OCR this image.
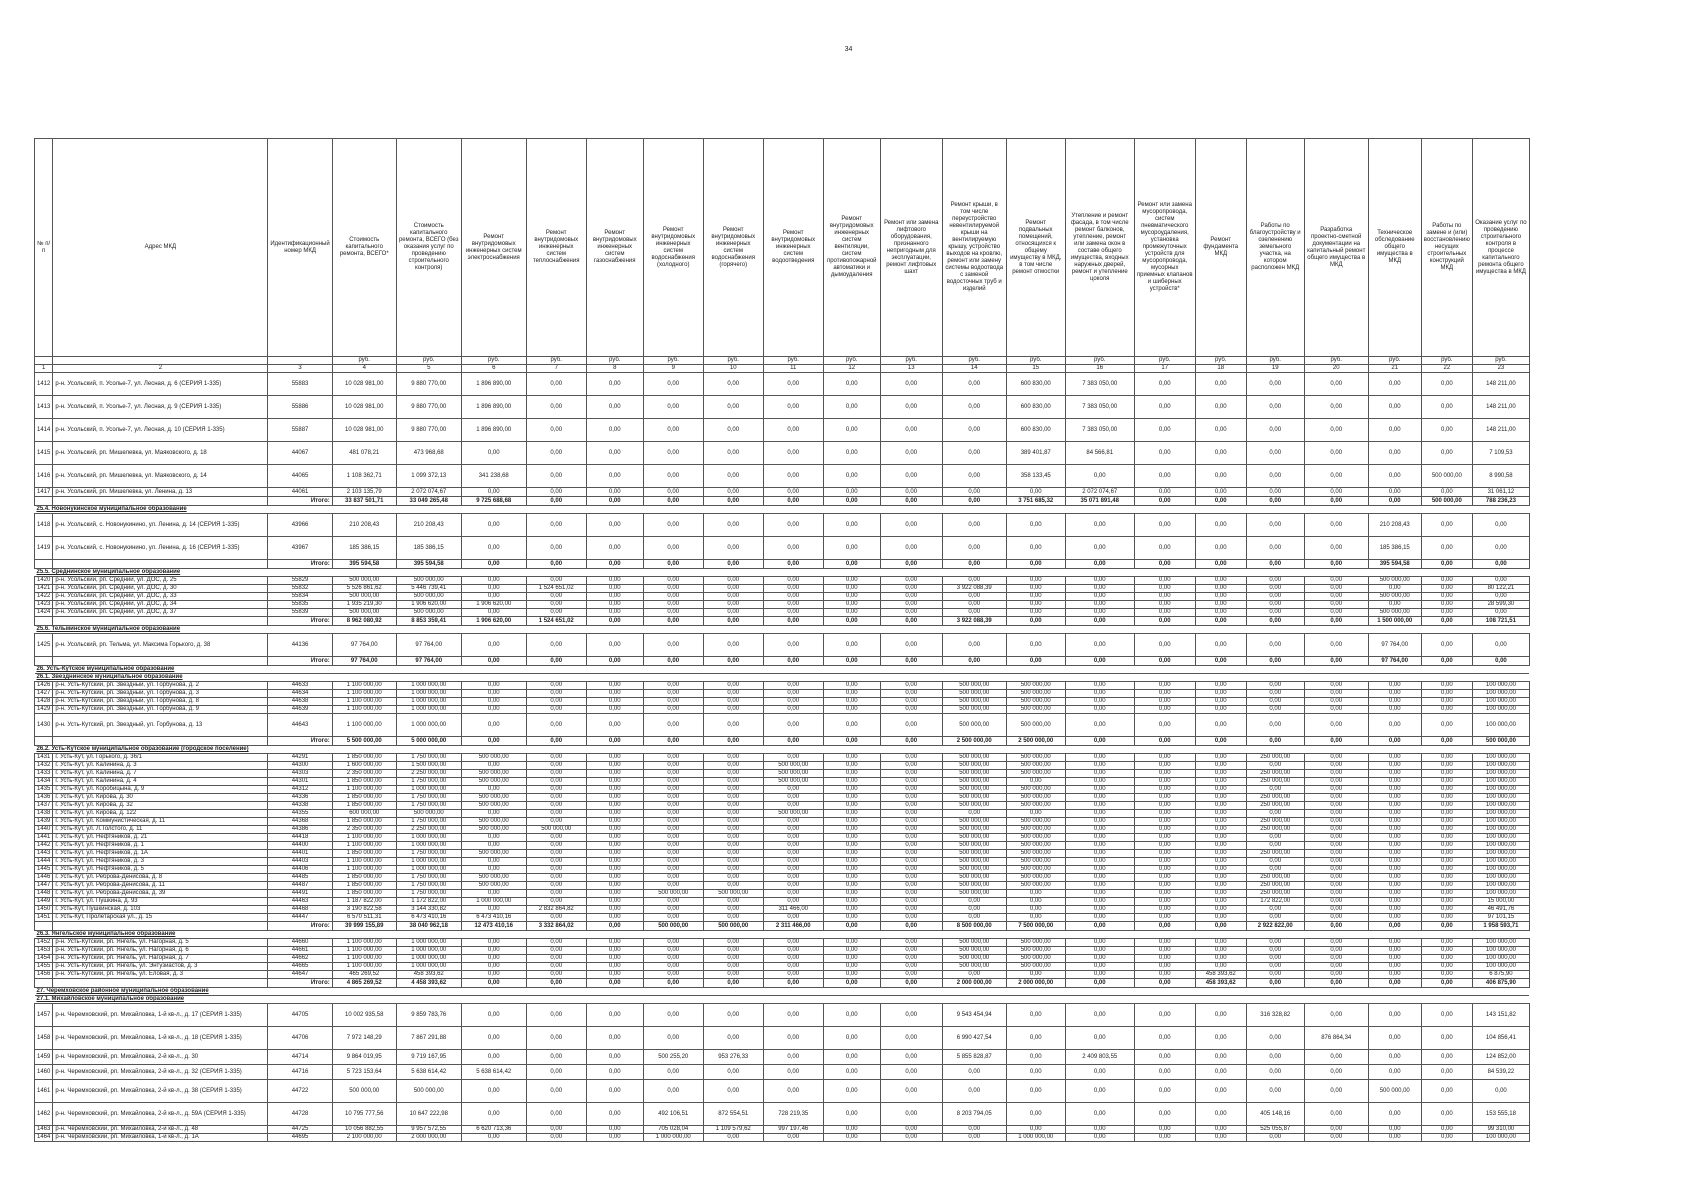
34
№ п/п	Адрес МКД	Идентификационный номер МКД	Стоимость капитального ремонта, ВСЕГО*	Стоимость капитального ремонта, ВСЕГО (без оказания услуг по проведению строительного контроля)	Ремонт внутридомовых инженерных систем электроснабжения	Ремонт внутридомовых инженерных систем теплоснабжения	Ремонт внутридомовых инженерных систем газоснабжения	Ремонт внутридомовых инженерных систем водоснабжения (холодного)	Ремонт внутридомовых инженерных систем водоснабжения (горячего)	Ремонт внутридомовых инженерных систем водоотведения	Ремонт внутридомовых инженерных систем вентиляции, систем противопожарной автоматики и дымоудаления	Ремонт или замена лифтового оборудования, признанного непригодным для эксплуатации, ремонт лифтовых шахт	Ремонт крыши, в том числе переустройство невентилируемой крыши на вентилируемую крышу, устройство выходов на кровлю, ремонт или замену системы водоотвода с заменой водосточных труб и изделий	Ремонт подвальных помещений, относящихся к общему имуществу в МКД, в том числе ремонт отмостки	Утепление и ремонт фасада, в том числе ремонт балконов, утепление, ремонт или замена окон в составе общего имущества, входных наружных дверей, ремонт и утепление цоколя	Ремонт или замена мусоропровода, систем пневматического мусороудаления, установка промежуточных устройств для мусоропровода, мусорных приемных клапанов и шиберных устройств*	Ремонт фундамента МКД	Работы по благоустройству и озеленению земельного участка, на котором расположен МКД	Разработка проектно-сметной документации на капитальный ремонт общего имущества в МКД	Техническое обследование общего имущества в МКД	Работы по замене и (или) восстановлению несущих строительных конструкций МКД	Оказание услуг по проведению строительного контроля в процессе капитального ремонта общего имущества в МКД
			руб.	руб.	руб.	руб.	руб.	руб.	руб.	руб.	руб.	руб.	руб.	руб.	руб.	руб.	руб.	руб.	руб.	руб.	руб.	руб.
1	2	3	4	5	6	7	8	9	10	11	12	13	14	15	16	17	18	19	20	21	22	23
1412	р-н. Усольский, п. Усолье-7, ул. Лесная, д. 6 (СЕРИЯ 1-335)	55883	10 028 981,00	9 880 770,00	1 896 890,00	0,00	0,00	0,00	0,00	0,00	0,00	0,00	0,00	600 830,00	7 383 050,00	0,00	0,00	0,00	0,00	0,00	0,00	148 211,00
1413	р-н. Усольский, п. Усолье-7, ул. Лесная, д. 9 (СЕРИЯ 1-335)	55886	10 028 981,00	9 880 770,00	1 896 890,00	0,00	0,00	0,00	0,00	0,00	0,00	0,00	0,00	600 830,00	7 383 050,00	0,00	0,00	0,00	0,00	0,00	0,00	148 211,00
1414	р-н. Усольский, п. Усолье-7, ул. Лесная, д. 10 (СЕРИЯ 1-335)	55887	10 028 981,00	9 880 770,00	1 896 890,00	0,00	0,00	0,00	0,00	0,00	0,00	0,00	0,00	600 830,00	7 383 050,00	0,00	0,00	0,00	0,00	0,00	0,00	148 211,00
1415	р-н. Усольский, рп. Мишелевка, ул. Маяковского, д. 18	44067	481 078,21	473 968,68	0,00	0,00	0,00	0,00	0,00	0,00	0,00	0,00	0,00	389 401,87	84 566,81	0,00	0,00	0,00	0,00	0,00	0,00	7 109,53
1416	р-н. Усольский, рп. Мишелевка, ул. Маяковского, д. 14	44065	1 108 362,71	1 099 372,13	341 238,68	0,00	0,00	0,00	0,00	0,00	0,00	0,00	0,00	358 133,45	0,00	0,00	0,00	0,00	0,00	0,00	500 000,00	8 990,58
1417	р-н. Усольский, рп. Мишелевка, ул. Ленина, д. 13	44061	2 103 135,79	2 072 074,67	0,00	0,00	0,00	0,00	0,00	0,00	0,00	0,00	0,00	0,00	2 072 074,67	0,00	0,00	0,00	0,00	0,00	0,00	31 061,12
		Итого:	33 837 501,71	33 049 265,48	9 725 688,68	0,00	0,00	0,00	0,00	0,00	0,00	0,00	0,00	3 751 685,32	35 071 891,48	0,00	0,00	0,00	0,00	0,00	500 000,00	788 236,23
25.4. Новонукинское муниципальное образование																						
1418	р-н. Усольский, с. Новонукинино, ул. Ленина, д. 14 (СЕРИЯ 1-335)	43966	210 208,43	210 208,43	0,00	0,00	0,00	0,00	0,00	0,00	0,00	0,00	0,00	0,00	0,00	0,00	0,00	0,00	0,00	210 208,43	0,00	0,00
1419	р-н. Усольский, с. Новонукинино, ул. Ленина, д. 16 (СЕРИЯ 1-335)	43967	185 386,15	185 386,15	0,00	0,00	0,00	0,00	0,00	0,00	0,00	0,00	0,00	0,00	0,00	0,00	0,00	0,00	0,00	185 386,15	0,00	0,00
		Итого:	395 594,58	395 594,58	0,00	0,00	0,00	0,00	0,00	0,00	0,00	0,00	0,00	0,00	0,00	0,00	0,00	0,00	0,00	395 594,58	0,00	0,00
25.5. Среднинское муниципальное образование																						
1420	р-н. Усольский, рп. Средний, ул. ДОС, д. 25	55829	500 000,00	500 000,00	0,00	0,00	0,00	0,00	0,00	0,00	0,00	0,00	0,00	0,00	0,00	0,00	0,00	0,00	0,00	500 000,00	0,00	0,00
1421	р-н. Усольский, рп. Средний, ул. ДОС, д. 30	55832	5 526 861,62	5 446 739,41	0,00	1 524 651,02	0,00	0,00	0,00	0,00	0,00	0,00	3 922 088,39	0,00	0,00	0,00	0,00	0,00	0,00	0,00	0,00	80 122,21
1422	р-н. Усольский, рп. Средний, ул. ДОС, д. 33	55834	500 000,00	500 000,00	0,00	0,00	0,00	0,00	0,00	0,00	0,00	0,00	0,00	0,00	0,00	0,00	0,00	0,00	0,00	500 000,00	0,00	0,00
1423	р-н. Усольский, рп. Средний, ул. ДОС, д. 34	55835	1 935 219,30	1 906 620,00	1 906 620,00	0,00	0,00	0,00	0,00	0,00	0,00	0,00	0,00	0,00	0,00	0,00	0,00	0,00	0,00	0,00	0,00	28 599,30
1424	р-н. Усольский, рп. Средний, ул. ДОС, д. 37	55839	500 000,00	500 000,00	0,00	0,00	0,00	0,00	0,00	0,00	0,00	0,00	0,00	0,00	0,00	0,00	0,00	0,00	0,00	500 000,00	0,00	0,00
		Итого:	8 962 080,92	8 853 359,41	1 906 620,00	1 524 651,02	0,00	0,00	0,00	0,00	0,00	0,00	3 922 088,39	0,00	0,00	0,00	0,00	0,00	0,00	1 500 000,00	0,00	108 721,51
25.6. Тельминское муниципальное образование																						
1425	р-н. Усольский, рп. Тельма, ул. Максима Горького, д. 38	44136	97 764,00	97 764,00	0,00	0,00	0,00	0,00	0,00	0,00	0,00	0,00	0,00	0,00	0,00	0,00	0,00	0,00	0,00	97 764,00	0,00	0,00
		Итого:	97 764,00	97 764,00	0,00	0,00	0,00	0,00	0,00	0,00	0,00	0,00	0,00	0,00	0,00	0,00	0,00	0,00	0,00	97 764,00	0,00	0,00
26. Усть-Кутское муниципальное образование																						
26.1. Звезднинское муниципальное образование																						
1426	р-н. Усть-Кутский, рп. Звездный, ул. Горбунова, д. 2	44633	1 100 000,00	1 000 000,00	0,00	0,00	0,00	0,00	0,00	0,00	0,00	0,00	500 000,00	500 000,00	0,00	0,00	0,00	0,00	0,00	0,00	0,00	100 000,00
1427	р-н. Усть-Кутский, рп. Звездный, ул. Горбунова, д. 3	44634	1 100 000,00	1 000 000,00	0,00	0,00	0,00	0,00	0,00	0,00	0,00	0,00	500 000,00	500 000,00	0,00	0,00	0,00	0,00	0,00	0,00	0,00	100 000,00
1428	р-н. Усть-Кутский, рп. Звездный, ул. Горбунова, д. 8	44638	1 100 000,00	1 000 000,00	0,00	0,00	0,00	0,00	0,00	0,00	0,00	0,00	500 000,00	500 000,00	0,00	0,00	0,00	0,00	0,00	0,00	0,00	100 000,00
1429	р-н. Усть-Кутский, рп. Звездный, ул. Горбунова, д. 9	44639	1 100 000,00	1 000 000,00	0,00	0,00	0,00	0,00	0,00	0,00	0,00	0,00	500 000,00	500 000,00	0,00	0,00	0,00	0,00	0,00	0,00	0,00	100 000,00
1430	р-н. Усть-Кутский, рп. Звездный, ул. Горбунова, д. 13	44643	1 100 000,00	1 000 000,00	0,00	0,00	0,00	0,00	0,00	0,00	0,00	0,00	500 000,00	500 000,00	0,00	0,00	0,00	0,00	0,00	0,00	0,00	100 000,00
		Итого:	5 500 000,00	5 000 000,00	0,00	0,00	0,00	0,00	0,00	0,00	0,00	0,00	2 500 000,00	2 500 000,00	0,00	0,00	0,00	0,00	0,00	0,00	0,00	500 000,00
26.2. Усть-Кутское муниципальное образование (городское поселение)																						
1431	г. Усть-Кут, ул. Горького, д. 36/1	44291	1 850 000,00	1 750 000,00	500 000,00	0,00	0,00	0,00	0,00	0,00	0,00	0,00	500 000,00	500 000,00	0,00	0,00	0,00	250 000,00	0,00	0,00	0,00	100 000,00
1432	г. Усть-Кут, ул. Калинина, д. 3	44300	1 600 000,00	1 500 000,00	0,00	0,00	0,00	0,00	0,00	500 000,00	0,00	0,00	500 000,00	500 000,00	0,00	0,00	0,00	0,00	0,00	0,00	0,00	100 000,00
1433	г. Усть-Кут, ул. Калинина, д. 7	44303	2 350 000,00	2 250 000,00	500 000,00	0,00	0,00	0,00	0,00	500 000,00	0,00	0,00	500 000,00	500 000,00	0,00	0,00	0,00	250 000,00	0,00	0,00	0,00	100 000,00
1434	г. Усть-Кут, ул. Калинина, д. 4	44301	1 850 000,00	1 750 000,00	500 000,00	0,00	0,00	0,00	0,00	500 000,00	0,00	0,00	500 000,00	0,00	0,00	0,00	0,00	250 000,00	0,00	0,00	0,00	100 000,00
1435	г. Усть-Кут, ул. Коробицына, д. 9	44312	1 100 000,00	1 000 000,00	0,00	0,00	0,00	0,00	0,00	0,00	0,00	0,00	500 000,00	500 000,00	0,00	0,00	0,00	0,00	0,00	0,00	0,00	100 000,00
1436	г. Усть-Кут, ул. Кирова, д. 30	44336	1 850 000,00	1 750 000,00	500 000,00	0,00	0,00	0,00	0,00	0,00	0,00	0,00	500 000,00	500 000,00	0,00	0,00	0,00	250 000,00	0,00	0,00	0,00	100 000,00
1437	г. Усть-Кут, ул. Кирова, д. 32	44338	1 850 000,00	1 750 000,00	500 000,00	0,00	0,00	0,00	0,00	0,00	0,00	0,00	500 000,00	500 000,00	0,00	0,00	0,00	250 000,00	0,00	0,00	0,00	100 000,00
1438	г. Усть-Кут, ул. Кирова, д. 122	44355	600 000,00	500 000,00	0,00	0,00	0,00	0,00	0,00	500 000,00	0,00	0,00	0,00	0,00	0,00	0,00	0,00	0,00	0,00	0,00	0,00	100 000,00
1439	г. Усть-Кут, ул. Коммунистическая, д. 11	44368	1 850 000,00	1 750 000,00	500 000,00	0,00	0,00	0,00	0,00	0,00	0,00	0,00	500 000,00	500 000,00	0,00	0,00	0,00	250 000,00	0,00	0,00	0,00	100 000,00
1440	г. Усть-Кут, ул. Л.Толстого, д. 11	44386	2 350 000,00	2 250 000,00	500 000,00	500 000,00	0,00	0,00	0,00	0,00	0,00	0,00	500 000,00	500 000,00	0,00	0,00	0,00	250 000,00	0,00	0,00	0,00	100 000,00
1441	г. Усть-Кут, ул. Нефтяников, д. 21	44418	1 100 000,00	1 000 000,00	0,00	0,00	0,00	0,00	0,00	0,00	0,00	0,00	500 000,00	500 000,00	0,00	0,00	0,00	0,00	0,00	0,00	0,00	100 000,00
1442	г. Усть-Кут, ул. Нефтяников, д. 1	44400	1 100 000,00	1 000 000,00	0,00	0,00	0,00	0,00	0,00	0,00	0,00	0,00	500 000,00	500 000,00	0,00	0,00	0,00	0,00	0,00	0,00	0,00	100 000,00
1443	г. Усть-Кут, ул. Нефтяников, д. 1А	44401	1 850 000,00	1 750 000,00	500 000,00	0,00	0,00	0,00	0,00	0,00	0,00	0,00	500 000,00	500 000,00	0,00	0,00	0,00	250 000,00	0,00	0,00	0,00	100 000,00
1444	г. Усть-Кут, ул. Нефтяников, д. 3	44403	1 100 000,00	1 000 000,00	0,00	0,00	0,00	0,00	0,00	0,00	0,00	0,00	500 000,00	500 000,00	0,00	0,00	0,00	0,00	0,00	0,00	0,00	100 000,00
1445	г. Усть-Кут, ул. Нефтяников, д. 5	44406	1 100 000,00	1 000 000,00	0,00	0,00	0,00	0,00	0,00	0,00	0,00	0,00	500 000,00	500 000,00	0,00	0,00	0,00	0,00	0,00	0,00	0,00	100 000,00
1446	г. Усть-Кут, ул. Реброва-Денисова, д. 8	44485	1 850 000,00	1 750 000,00	500 000,00	0,00	0,00	0,00	0,00	0,00	0,00	0,00	500 000,00	500 000,00	0,00	0,00	0,00	250 000,00	0,00	0,00	0,00	100 000,00
1447	г. Усть-Кут, ул. Реброва-Денисова, д. 11	44487	1 850 000,00	1 750 000,00	500 000,00	0,00	0,00	0,00	0,00	0,00	0,00	0,00	500 000,00	500 000,00	0,00	0,00	0,00	250 000,00	0,00	0,00	0,00	100 000,00
1448	г. Усть-Кут, ул. Реброва-Денисова, д. 39	44491	1 850 000,00	1 750 000,00	0,00	0,00	0,00	500 000,00	500 000,00	0,00	0,00	0,00	500 000,00	0,00	0,00	0,00	0,00	250 000,00	0,00	0,00	0,00	100 000,00
1449	г. Усть-Кут, ул. Пушкина, д. 93	44463	1 187 822,00	1 172 822,00	1 000 000,00	0,00	0,00	0,00	0,00	0,00	0,00	0,00	0,00	0,00	0,00	0,00	0,00	172 822,00	0,00	0,00	0,00	15 000,00
1450	г. Усть-Кут, Пушкинская, д. 103	44468	3 190 822,58	3 144 330,82	0,00	2 832 864,82	0,00	0,00	0,00	311 466,00	0,00	0,00	0,00	0,00	0,00	0,00	0,00	0,00	0,00	0,00	0,00	46 491,76
1451	г. Усть-Кут, Пролетарская ул., д. 15	44447	6 570 511,31	6 473 410,16	6 473 410,16	0,00	0,00	0,00	0,00	0,00	0,00	0,00	0,00	0,00	0,00	0,00	0,00	0,00	0,00	0,00	0,00	97 101,15
		Итого:	39 999 155,89	38 040 962,18	12 473 410,16	3 332 864,02	0,00	500 000,00	500 000,00	2 311 466,00	0,00	0,00	8 500 000,00	7 500 000,00	0,00	0,00	0,00	2 922 822,00	0,00	0,00	0,00	1 958 593,71
26.3. Янгельское муниципальное образование																						
1452	р-н. Усть-Кутский, рп. Янгель, ул. Нагорная, д. 5	44660	1 100 000,00	1 000 000,00	0,00	0,00	0,00	0,00	0,00	0,00	0,00	0,00	500 000,00	500 000,00	0,00	0,00	0,00	0,00	0,00	0,00	0,00	100 000,00
1453	р-н. Усть-Кутский, рп. Янгель, ул. Нагорная, д. 6	44661	1 100 000,00	1 000 000,00	0,00	0,00	0,00	0,00	0,00	0,00	0,00	0,00	500 000,00	500 000,00	0,00	0,00	0,00	0,00	0,00	0,00	0,00	100 000,00
1454	р-н. Усть-Кутский, рп. Янгель, ул. Нагорная, д. 7	44662	1 100 000,00	1 000 000,00	0,00	0,00	0,00	0,00	0,00	0,00	0,00	0,00	500 000,00	500 000,00	0,00	0,00	0,00	0,00	0,00	0,00	0,00	100 000,00
1455	р-н. Усть-Кутский, рп. Янгель, ул. Энтузиастов, д. 3	44665	1 100 000,00	1 000 000,00	0,00	0,00	0,00	0,00	0,00	0,00	0,00	0,00	500 000,00	500 000,00	0,00	0,00	0,00	0,00	0,00	0,00	0,00	100 000,00
1456	р-н. Усть-Кутский, рп. Янгель, ул. Еловая, д. 3	44647	465 269,52	458 393,62	0,00	0,00	0,00	0,00	0,00	0,00	0,00	0,00	0,00	0,00	0,00	0,00	458 393,62	0,00	0,00	0,00	0,00	6 875,90
		Итого:	4 865 269,52	4 458 393,62	0,00	0,00	0,00	0,00	0,00	0,00	0,00	0,00	2 000 000,00	2 000 000,00	0,00	0,00	458 393,62	0,00	0,00	0,00	0,00	406 875,90
27. Черемховское районное муниципальное образование																						
27.1. Михайловское муниципальное образование																						
1457	р-н. Черемховский, рп. Михайловка, 1-й кв-л., д. 17 (СЕРИЯ 1-335)	44705	10 002 935,58	9 859 783,76	0,00	0,00	0,00	0,00	0,00	0,00	0,00	0,00	9 543 454,94	0,00	0,00	0,00	0,00	316 328,82	0,00	0,00	0,00	143 151,82
1458	р-н. Черемховский, рп. Михайловка, 1-й кв-л., д. 18 (СЕРИЯ 1-335)	44706	7 972 148,29	7 867 291,88	0,00	0,00	0,00	0,00	0,00	0,00	0,00	0,00	6 990 427,54	0,00	0,00	0,00	0,00	0,00	876 864,34	0,00	0,00	104 856,41
1459	р-н. Черемховский, рп. Михайловка, 2-й кв-л., д. 30	44714	9 864 019,95	9 719 167,95	0,00	0,00	0,00	500 255,20	953 276,33	0,00	0,00	0,00	5 855 828,87	0,00	2 409 803,55	0,00	0,00	0,00	0,00	0,00	0,00	124 852,00
1460	р-н. Черемховский, рп. Михайловка, 2-й кв-л., д. 32 (СЕРИЯ 1-335)	44716	5 723 153,64	5 638 614,42	5 638 614,42	0,00	0,00	0,00	0,00	0,00	0,00	0,00	0,00	0,00	0,00	0,00	0,00	0,00	0,00	0,00	0,00	84 539,22
1461	р-н. Черемховский, рп. Михайловка, 2-й кв-л., д. 38 (СЕРИЯ 1-335)	44722	500 000,00	500 000,00	0,00	0,00	0,00	0,00	0,00	0,00	0,00	0,00	0,00	0,00	0,00	0,00	0,00	0,00	0,00	500 000,00	0,00	0,00
1462	р-н. Черемховский, рп. Михайловка, 2-й кв-л., д. 59А (СЕРИЯ 1-335)	44728	10 795 777,56	10 647 222,98	0,00	0,00	0,00	492 106,51	872 554,51	728 219,35	0,00	0,00	8 203 794,05	0,00	0,00	0,00	0,00	405 148,16	0,00	0,00	0,00	153 555,18
1463	р-н. Черемховский, рп. Михайловка, 2-й кв-л., д. 48	44725	10 056 882,55	9 957 572,55	6 620 713,36	0,00	0,00	705 028,04	1 109 579,62	997 197,46	0,00	0,00	0,00	0,00	0,00	0,00	0,00	525 055,87	0,00	0,00	0,00	99 310,00
1464	р-н. Черемховский, рп. Михайловка, 1-й кв-л., д. 1А	44695	2 100 000,00	2 000 000,00	0,00	0,00	0,00	1 000 000,00	0,00	0,00	0,00	0,00	0,00	1 000 000,00	0,00	0,00	0,00	0,00	0,00	0,00	0,00	100 000,00
